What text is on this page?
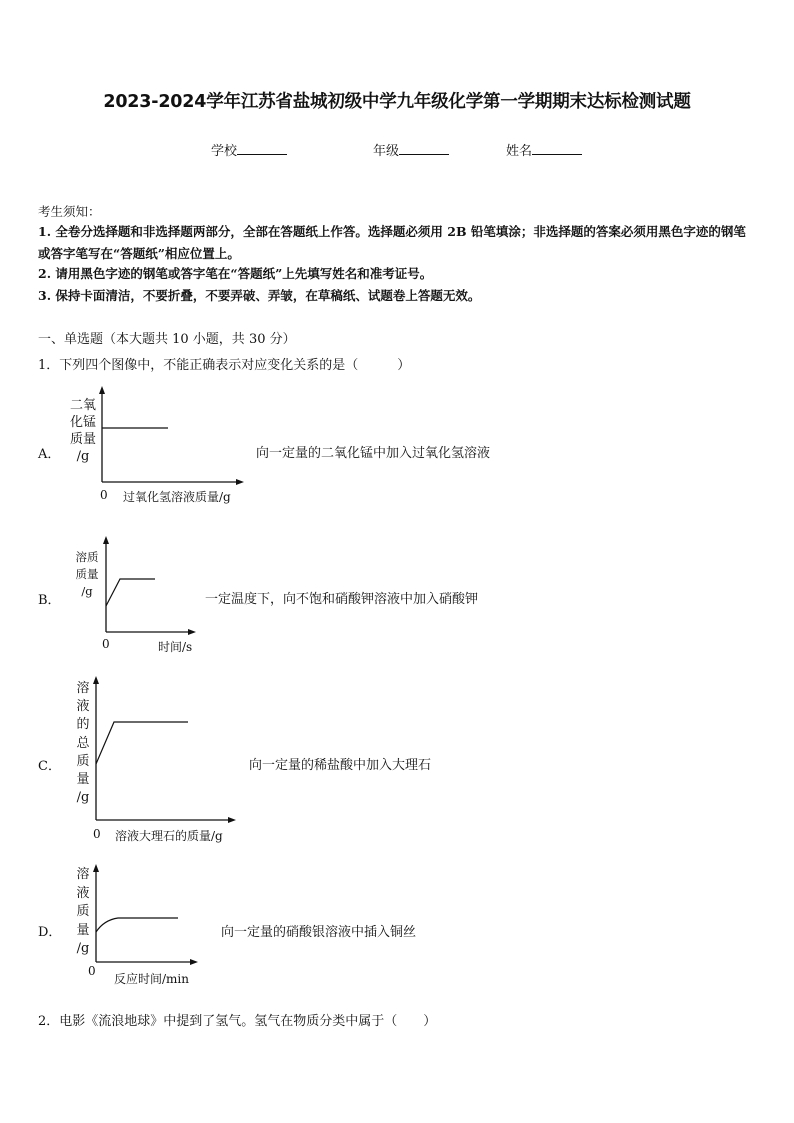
2023-2024学年江苏省盐城初级中学九年级化学第一学期期末达标检测试题
学校	年级	姓名
考生须知：
1. 全卷分选择题和非选择题两部分，全部在答题纸上作答。选择题必须用 2B 铅笔填涂；非选择题的答案必须用黑色字迹的钢笔或答字笔写在“答题纸”相应位置上。
2. 请用黑色字迹的钢笔或答字笔在“答题纸”上先填写姓名和准考证号。
3. 保持卡面清洁，不要折叠，不要弄破、弄皱，在草稿纸、试题卷上答题无效。
一、单选题（本大题共 10 小题，共 30 分）
1．下列四个图像中，不能正确表示对应变化关系的是（　　　）
A．
二氧
化锰
质量
/g
0 过氧化氢溶液质量/g
向一定量的二氧化锰中加入过氧化氢溶液
B．
溶质
质量
/g
0	时间/s
一定温度下，向不饱和硝酸钾溶液中加入硝酸钾
C．
溶
液
的
总
质
量
/g
0 溶液大理石的质量/g
向一定量的稀盐酸中加入大理石
D．
溶
液
质
量
/g
0
反应时间/min
向一定量的硝酸银溶液中插入铜丝
2．电影《流浪地球》中提到了氢气。氢气在物质分类中属于（　　）
